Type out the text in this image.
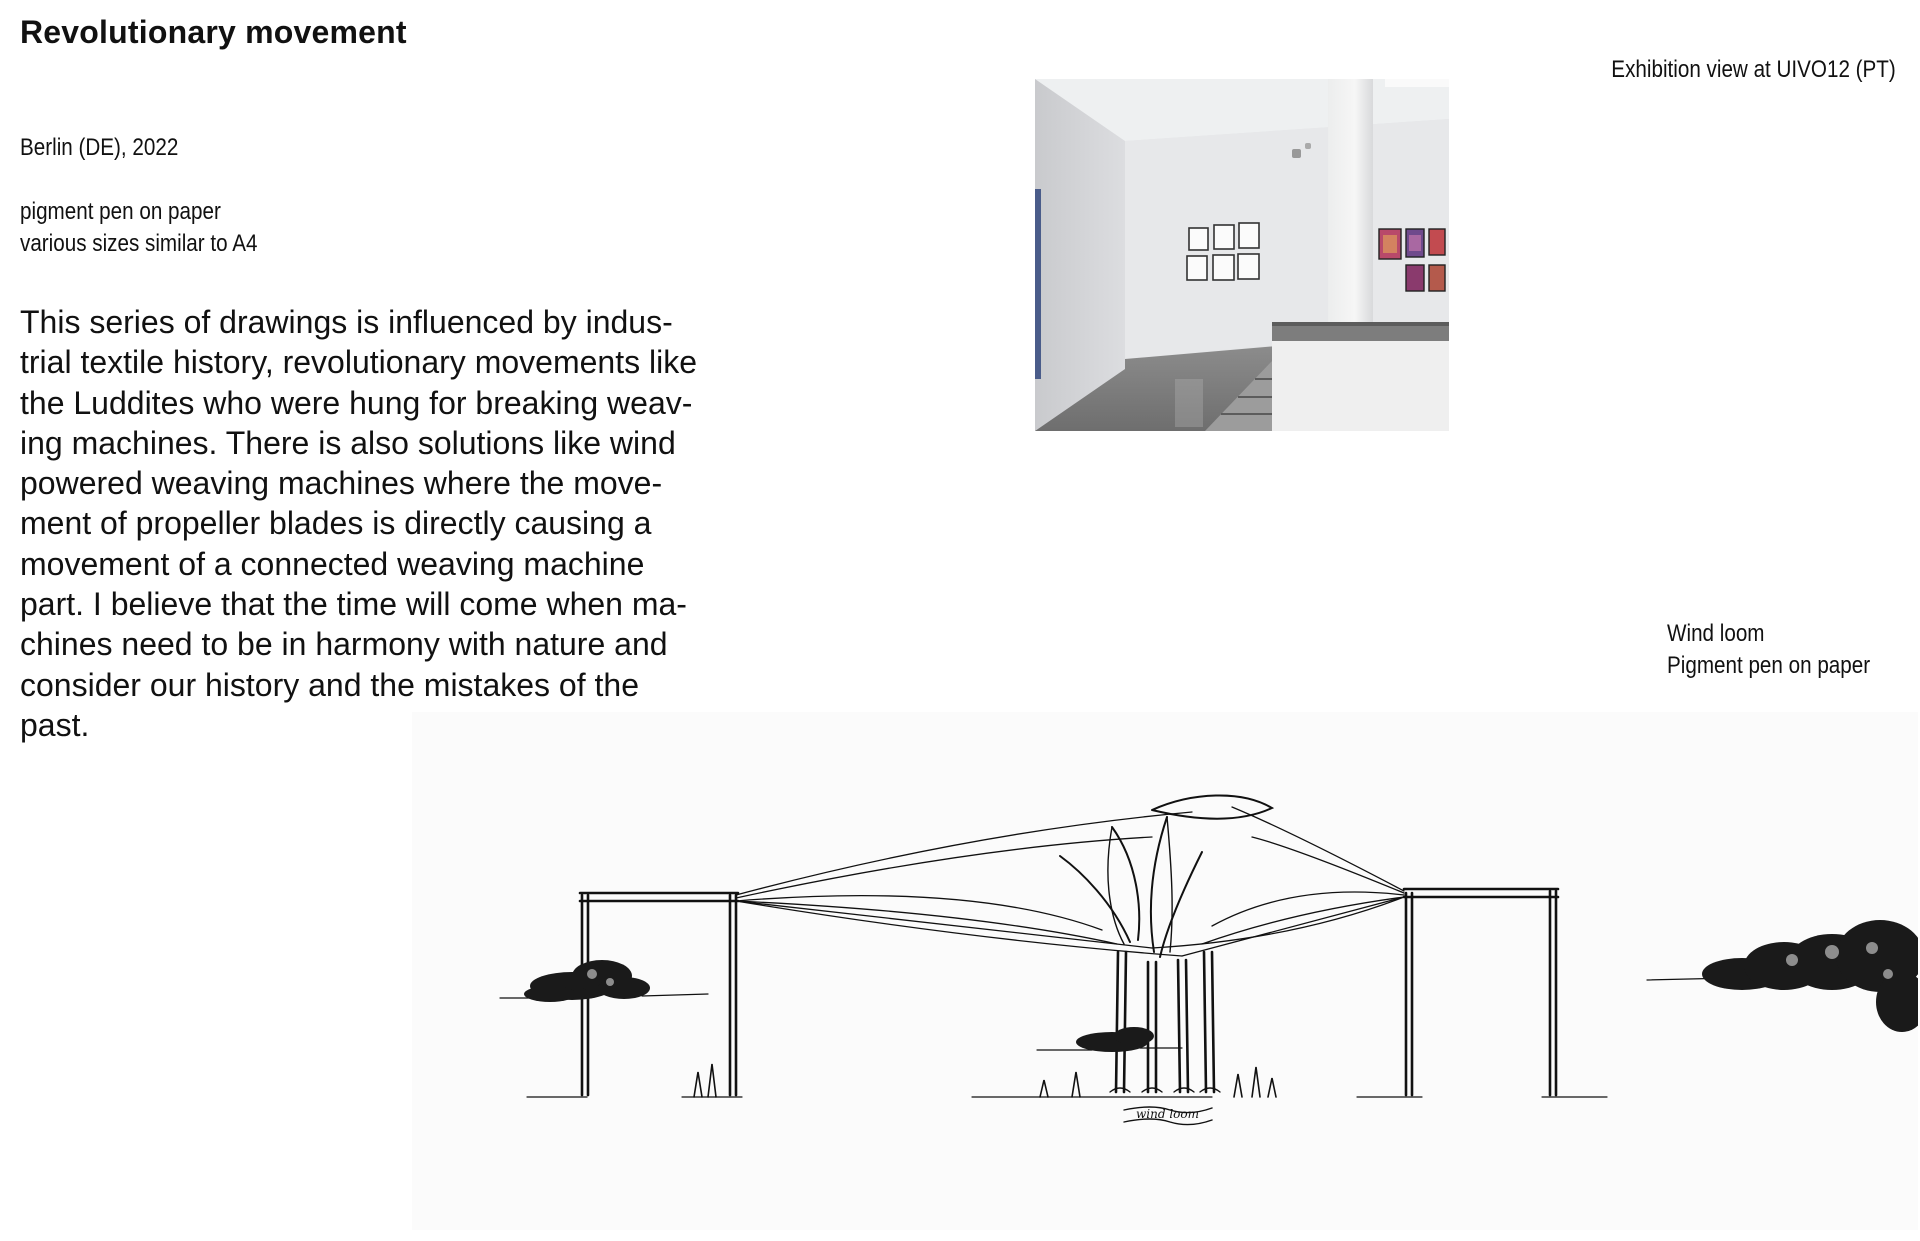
Revolutionary movement
Berlin (DE), 2022
pigment pen on paper
various sizes similar to A4
This series of drawings is influenced by indus-
trial textile history, revolutionary movements like
the Luddites who were hung for breaking weav-
ing machines. There is also solutions like wind
powered weaving machines where the move-
ment of propeller blades is directly causing a
movement of a connected weaving machine
part. I believe that the time will come when ma-
chines need to be in harmony with nature and
consider our history and the mistakes of the
past.
Exhibition view at UIVO12 (PT)
Wind loom
Pigment pen on paper
wind loom
